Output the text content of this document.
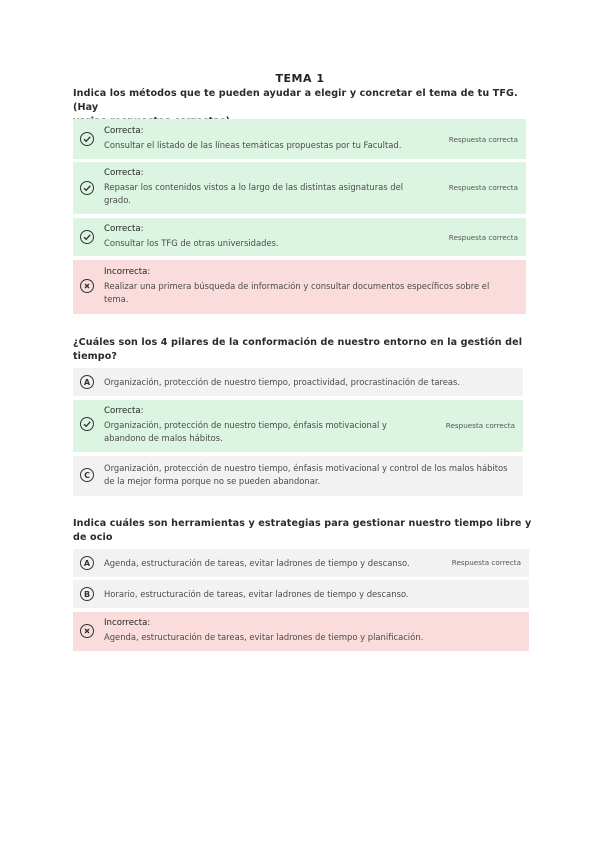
TEMA 1
Indica los métodos que te pueden ayudar a elegir y concretar el tema de tu TFG. (Hay
Correcta:
Consultar el listado de las líneas temáticas propuestas por tu Facultad.
Respuesta correcta
Correcta:
Repasar los contenidos vistos a lo largo de las distintas asignaturas del
grado.
Respuesta correcta
Correcta:
Consultar los TFG de otras universidades.
Respuesta correcta
Incorrecta:
Realizar una primera búsqueda de información y consultar documentos específicos sobre el
tema.
¿Cuáles son los 4 pilares de la conformación de nuestro entorno en la gestión del
tiempo?
A	Organización, protección de nuestro tiempo, proactividad, procrastinación de tareas.
Correcta:
Organización, protección de nuestro tiempo, énfasis motivacional y
abandono de malos hábitos.
Respuesta correcta
C
Organización, protección de nuestro tiempo, énfasis motivacional y control de los malos hábitos
de la mejor forma porque no se pueden abandonar.
Indica cuáles son herramientas y estrategias para gestionar nuestro tiempo libre y de ocio
A	Agenda, estructuración de tareas, evitar ladrones de tiempo y descanso.	Respuesta correcta
B	Horario, estructuración de tareas, evitar ladrones de tiempo y descanso.
Incorrecta:
Agenda, estructuración de tareas, evitar ladrones de tiempo y planificación.
